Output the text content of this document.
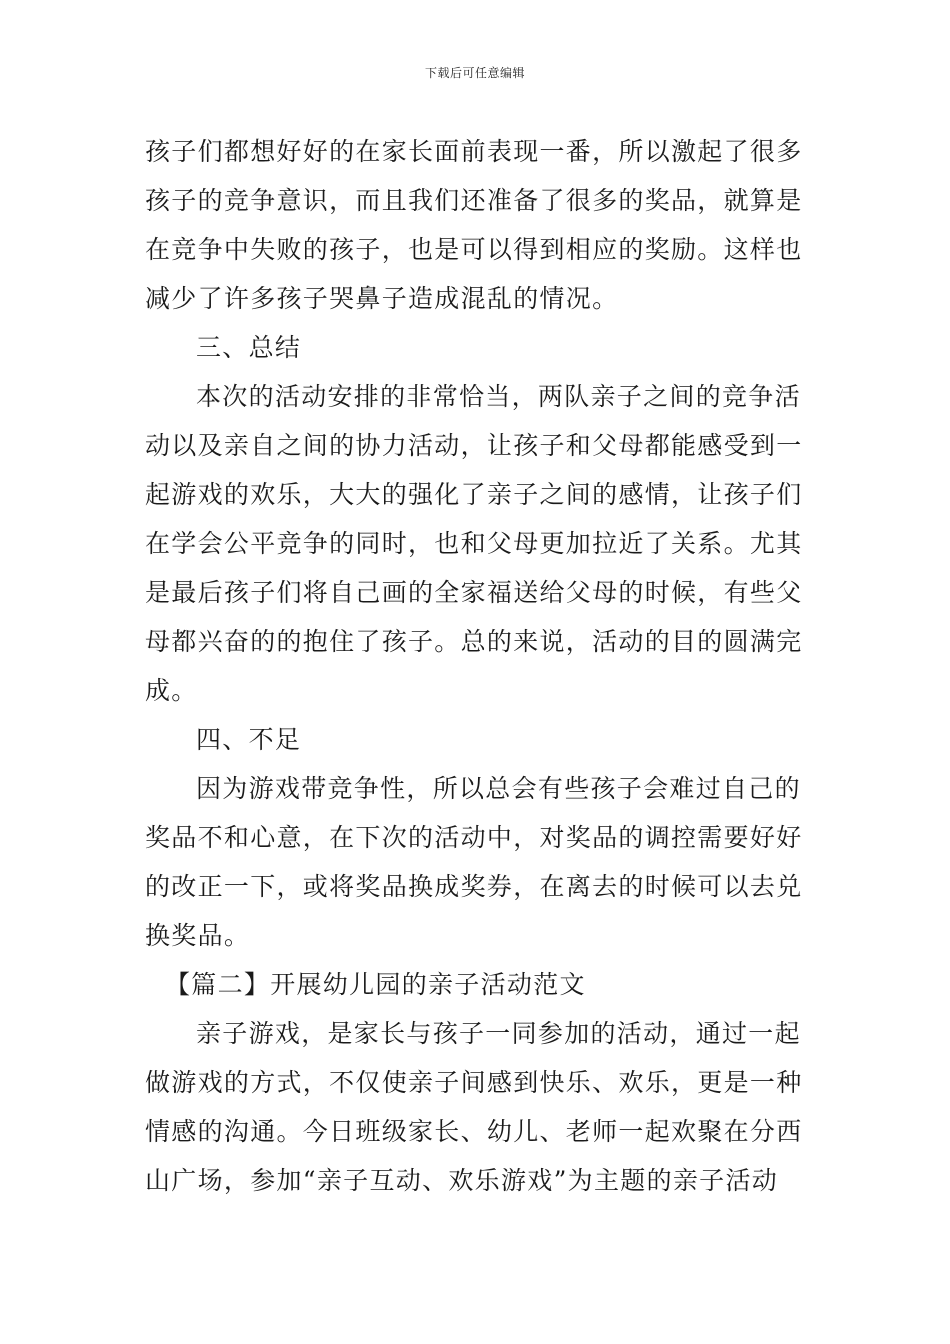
下载后可任意编辑
孩子们都想好好的在家长面前表现一番，所以激起了很多
孩子的竞争意识，而且我们还准备了很多的奖品，就算是
在竞争中失败的孩子，也是可以得到相应的奖励。这样也
减少了许多孩子哭鼻子造成混乱的情况。
三、总结
本次的活动安排的非常恰当，两队亲子之间的竞争活
动以及亲自之间的协力活动，让孩子和父母都能感受到一
起游戏的欢乐，大大的强化了亲子之间的感情，让孩子们
在学会公平竞争的同时，也和父母更加拉近了关系。尤其
是最后孩子们将自己画的全家福送给父母的时候，有些父
母都兴奋的的抱住了孩子。总的来说，活动的目的圆满完
成。
四、不足
因为游戏带竞争性，所以总会有些孩子会难过自己的
奖品不和心意，在下次的活动中，对奖品的调控需要好好
的改正一下，或将奖品换成奖券，在离去的时候可以去兑
换奖品。
【篇二】开展幼儿园的亲子活动范文
亲子游戏，是家长与孩子一同参加的活动，通过一起
做游戏的方式，不仅使亲子间感到快乐、欢乐，更是一种
情感的沟通。今日班级家长、幼儿、老师一起欢聚在分西
山广场，参加“亲子互动、欢乐游戏”为主题的亲子活动
